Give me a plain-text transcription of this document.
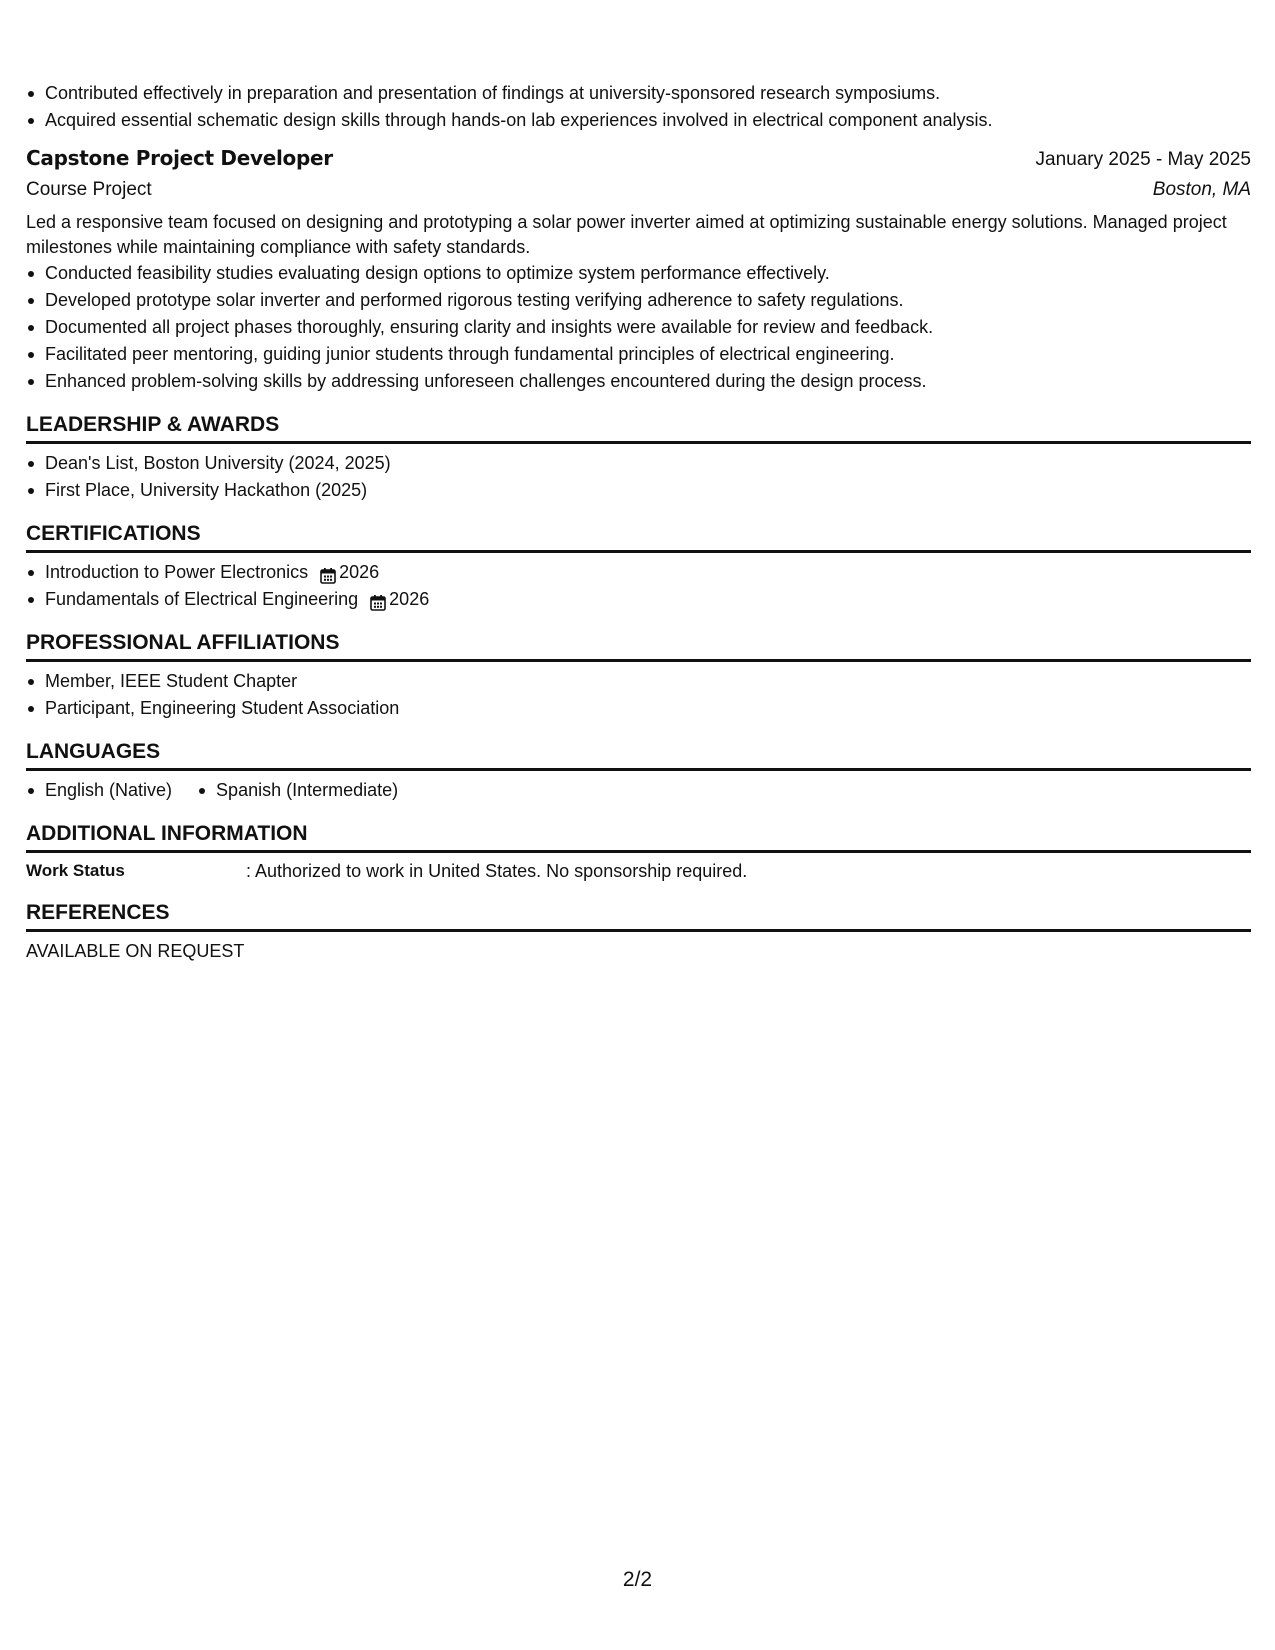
Contributed effectively in preparation and presentation of findings at university-sponsored research symposiums.
Acquired essential schematic design skills through hands-on lab experiences involved in electrical component analysis.
Capstone Project Developer	January 2025 - May 2025
Course Project	Boston, MA
Led a responsive team focused on designing and prototyping a solar power inverter aimed at optimizing sustainable energy solutions. Managed project milestones while maintaining compliance with safety standards.
Conducted feasibility studies evaluating design options to optimize system performance effectively.
Developed prototype solar inverter and performed rigorous testing verifying adherence to safety regulations.
Documented all project phases thoroughly, ensuring clarity and insights were available for review and feedback.
Facilitated peer mentoring, guiding junior students through fundamental principles of electrical engineering.
Enhanced problem-solving skills by addressing unforeseen challenges encountered during the design process.
LEADERSHIP & AWARDS
Dean's List, Boston University (2024, 2025)
First Place, University Hackathon (2025)
CERTIFICATIONS
Introduction to Power Electronics 2026
Fundamentals of Electrical Engineering 2026
PROFESSIONAL AFFILIATIONS
Member, IEEE Student Chapter
Participant, Engineering Student Association
LANGUAGES
English (Native)	Spanish (Intermediate)
ADDITIONAL INFORMATION
Work Status	: Authorized to work in United States. No sponsorship required.
REFERENCES
AVAILABLE ON REQUEST
2/2
